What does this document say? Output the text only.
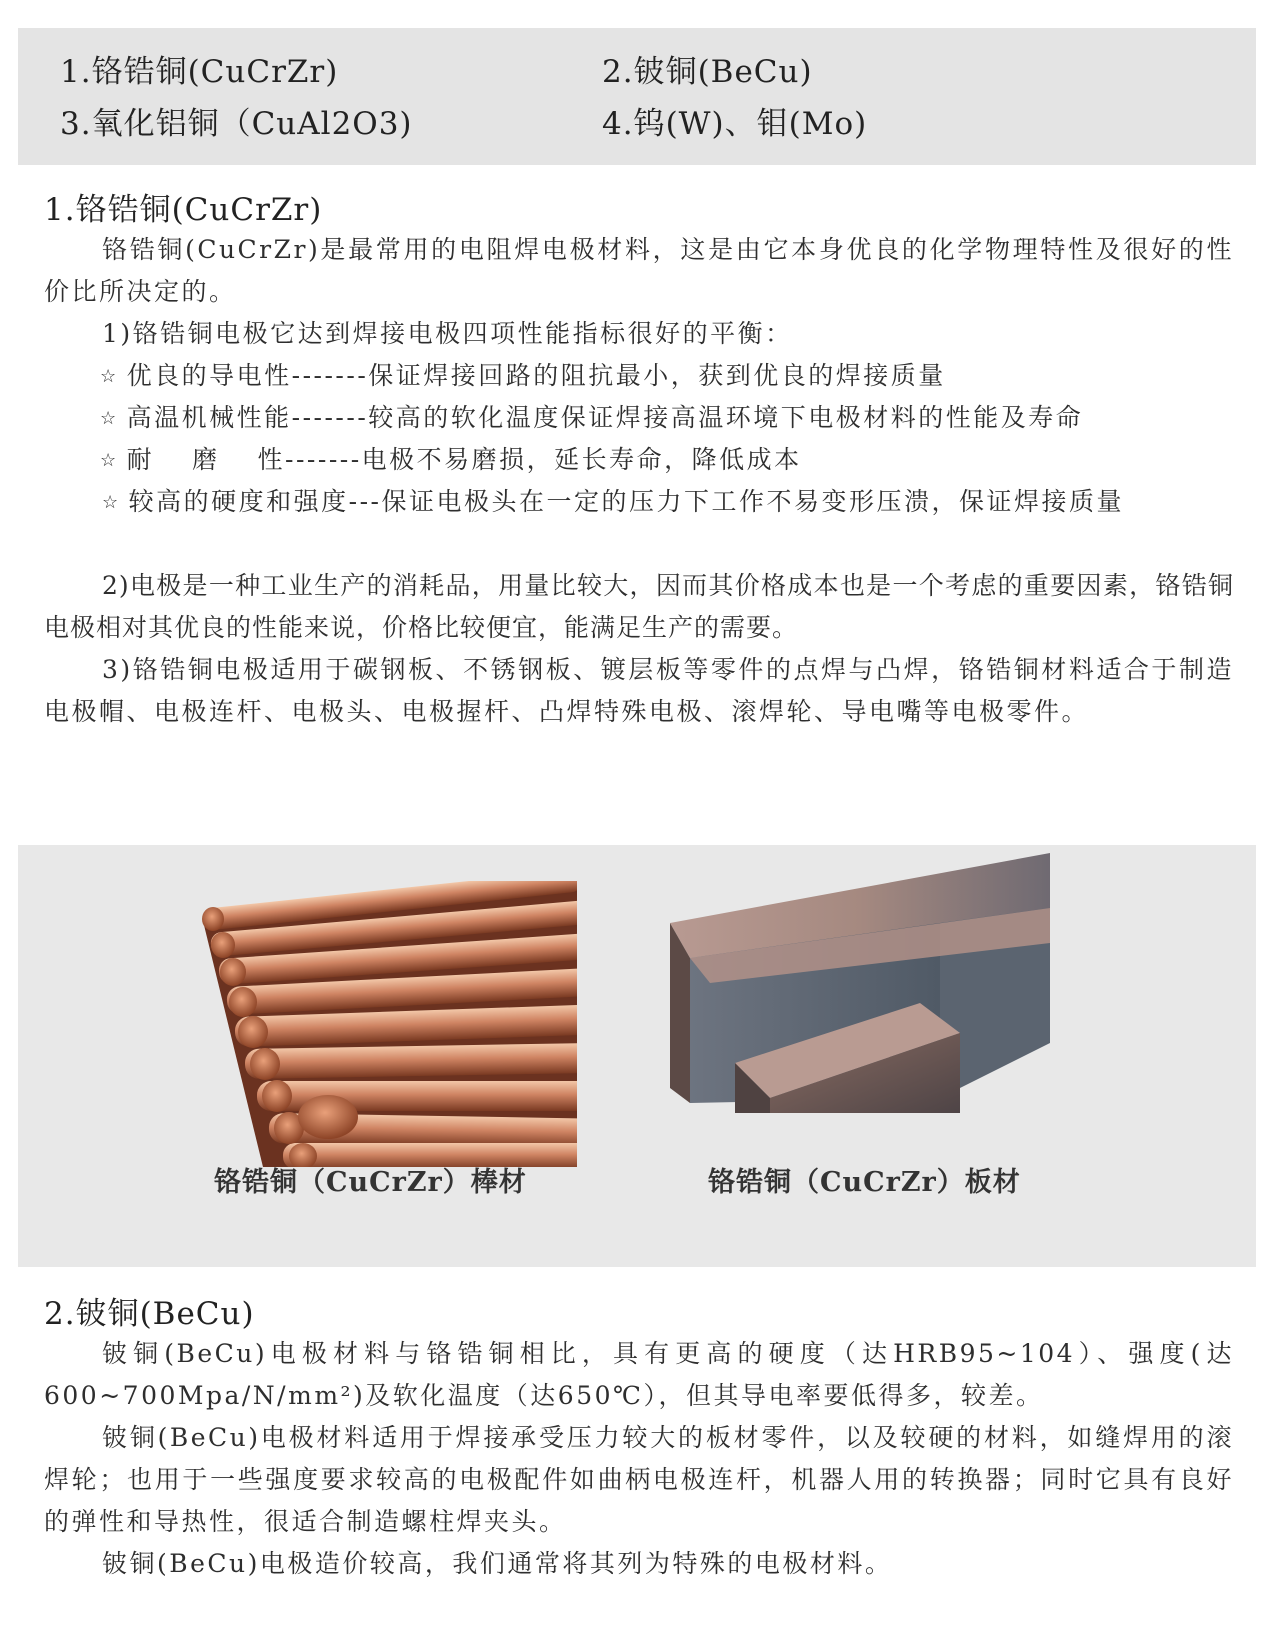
1.铬锆铜(CuCrZr)	2.铍铜(BeCu)
3.氧化铝铜（CuAl2O3)	4.钨(W)、钼(Mo)
1.铬锆铜(CuCrZr)
铬锆铜(CuCrZr)是最常用的电阻焊电极材料，这是由它本身优良的化学物理特性及很好的性价比所决定的。
1)铬锆铜电极它达到焊接电极四项性能指标很好的平衡：
☆ 优良的导电性-------保证焊接回路的阻抗最小，获到优良的焊接质量
☆ 高温机械性能-------较高的软化温度保证焊接高温环境下电极材料的性能及寿命
☆ 耐　 磨　 性-------电极不易磨损，延长寿命，降低成本
☆ 较高的硬度和强度---保证电极头在一定的压力下工作不易变形压溃，保证焊接质量
2)电极是一种工业生产的消耗品，用量比较大，因而其价格成本也是一个考虑的重要因素，铬锆铜电极相对其优良的性能来说，价格比较便宜，能满足生产的需要。
3)铬锆铜电极适用于碳钢板、不锈钢板、镀层板等零件的点焊与凸焊，铬锆铜材料适合于制造电极帽、电极连杆、电极头、电极握杆、凸焊特殊电极、滚焊轮、导电嘴等电极零件。
铬锆铜（CuCrZr）棒材	铬锆铜（CuCrZr）板材
2.铍铜(BeCu)
铍铜(BeCu)电极材料与铬锆铜相比，具有更高的硬度（达HRB95~104）、强度(达600~700Mpa/N/mm²)及软化温度（达650℃），但其导电率要低得多，较差。
铍铜(BeCu)电极材料适用于焊接承受压力较大的板材零件，以及较硬的材料，如缝焊用的滚焊轮；也用于一些强度要求较高的电极配件如曲柄电极连杆，机器人用的转换器；同时它具有良好的弹性和导热性，很适合制造螺柱焊夹头。
铍铜(BeCu)电极造价较高，我们通常将其列为特殊的电极材料。
